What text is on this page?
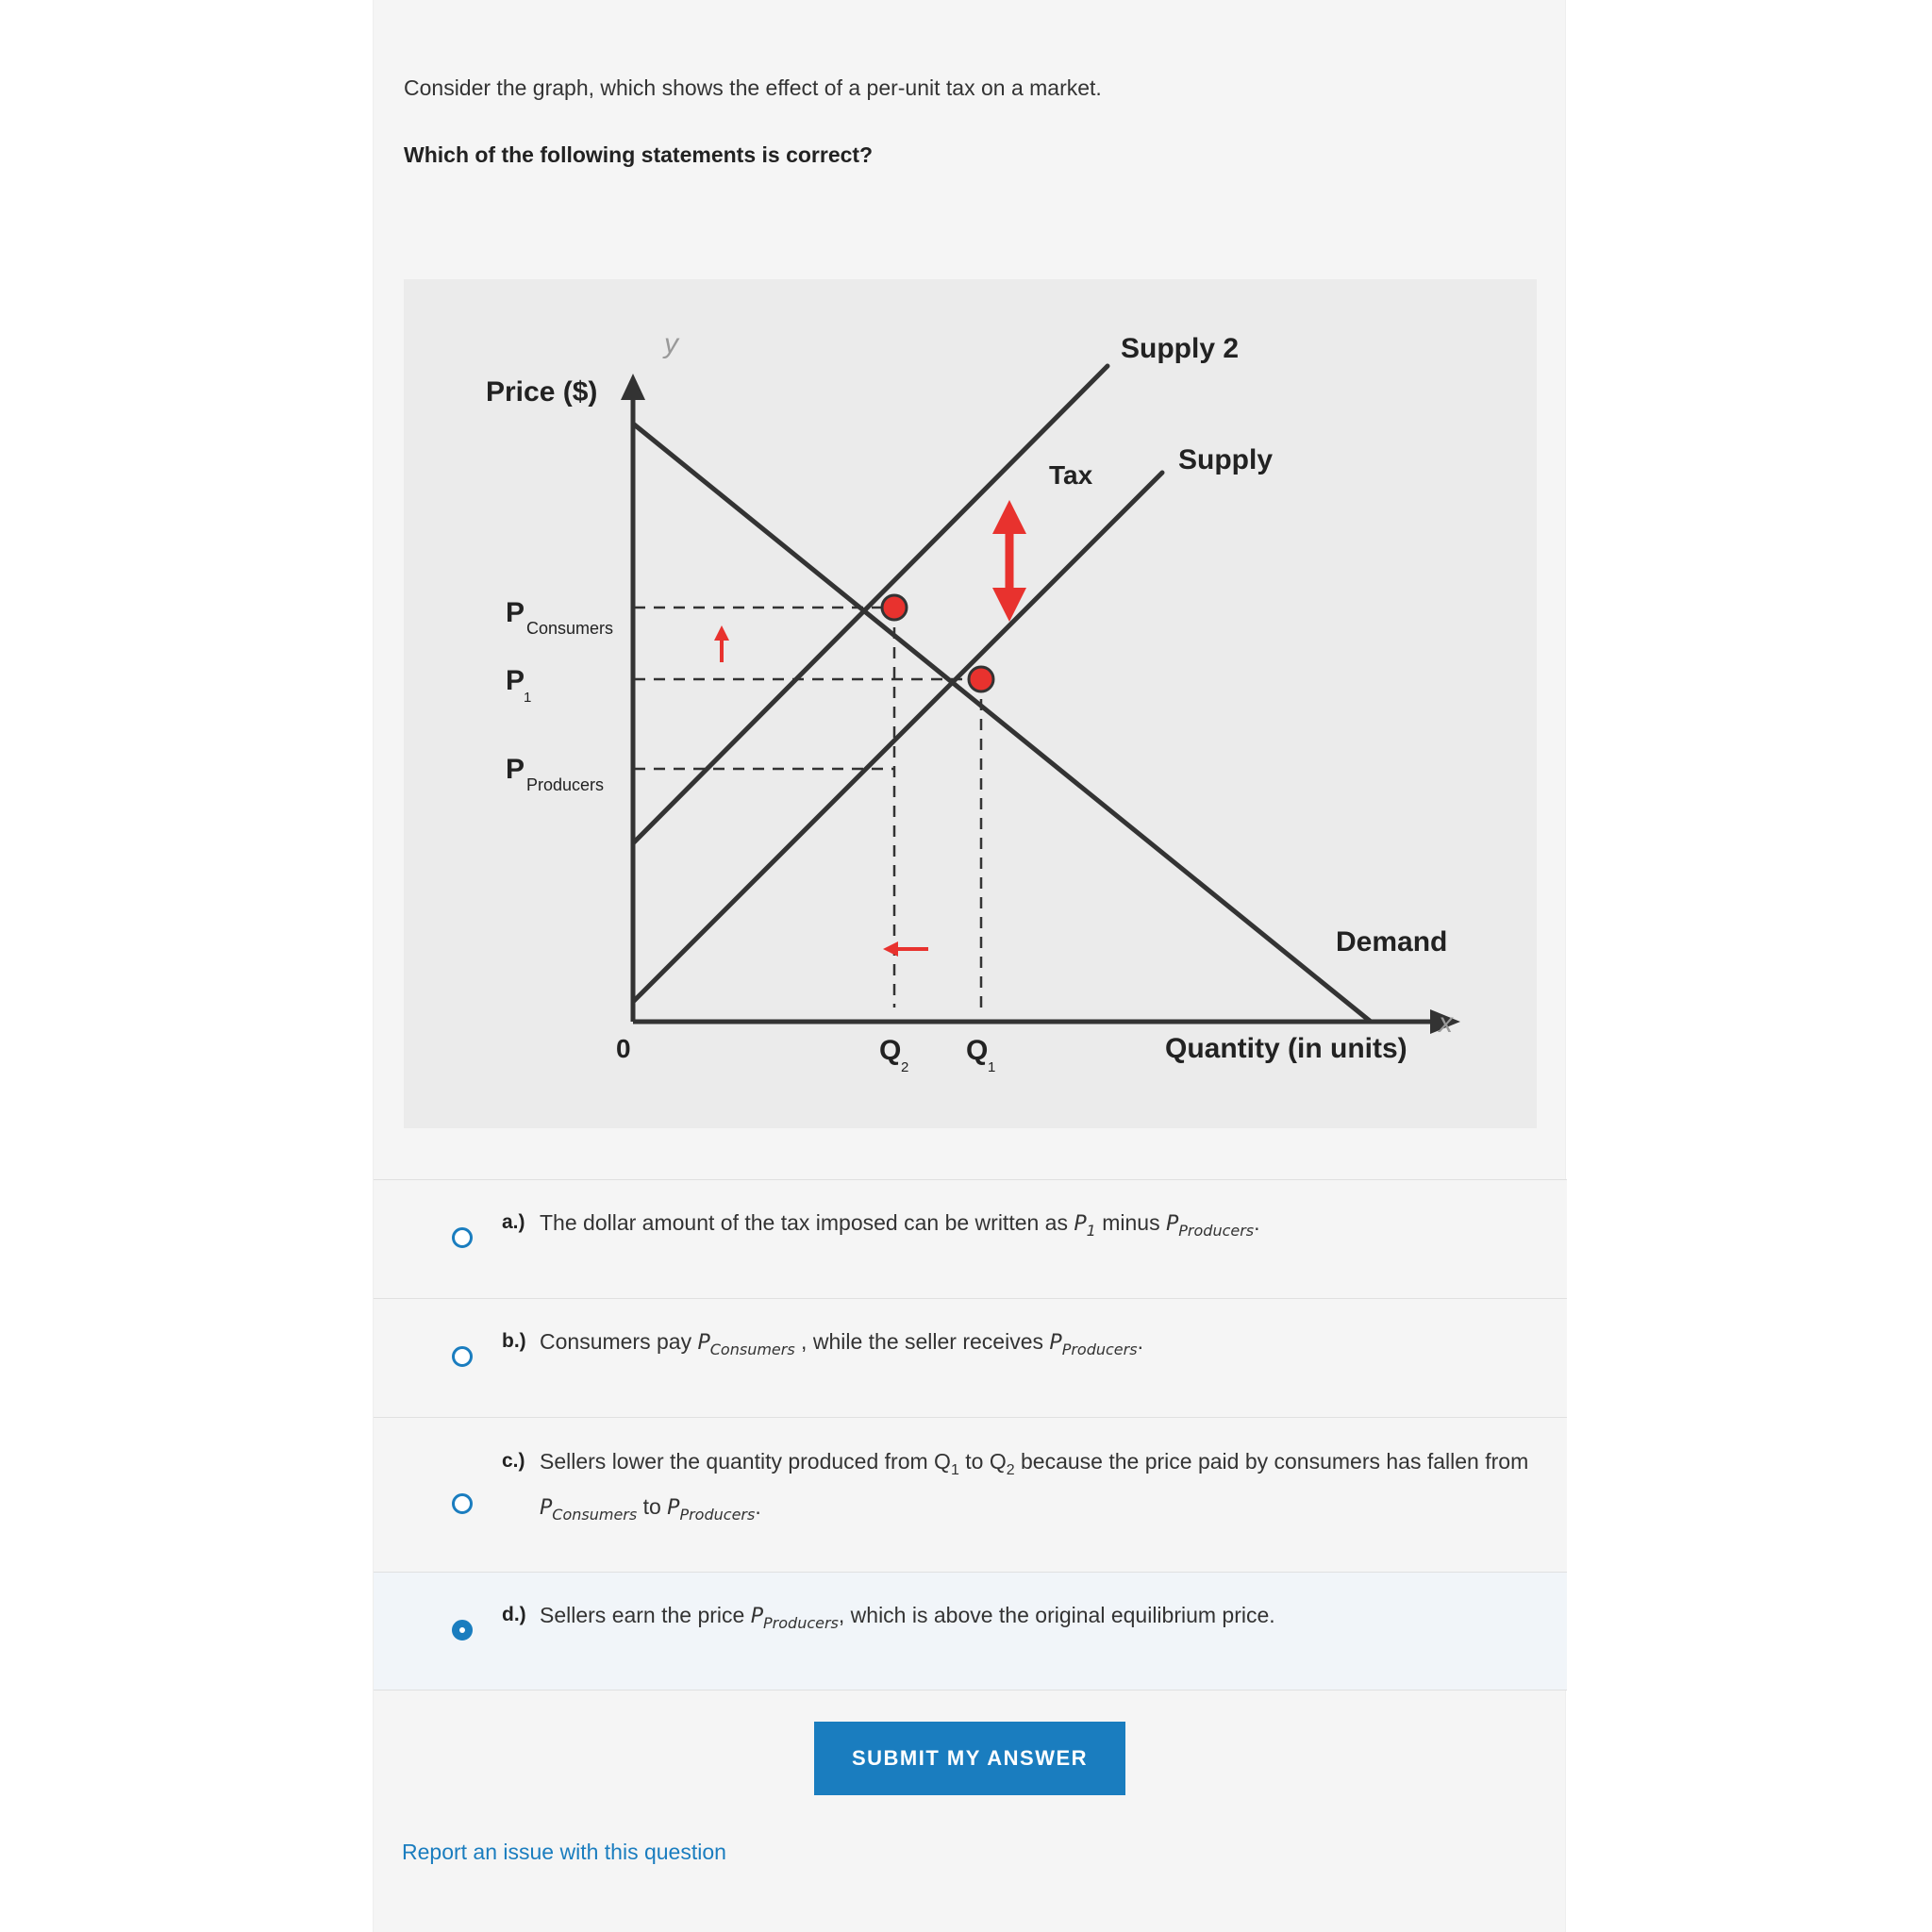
Consider the graph, which shows the effect of a per-unit tax on a market.

Which of the following statements is correct?

y
x
Price ($)
Quantity (in units)
0
P Consumers
P
1
P Producers
Q
2
Q
1
Supply 2
Supply
Tax
Demand
a.) The dollar amount of the tax imposed can be written as $P_1$ minus $P_{Producers}$.
b.) Consumers pay $P_{Consumers}$ , while the seller receives $P_{Producers}$.
c.) Sellers lower the quantity produced from $Q_1$ to $Q_2$ because the price paid by consumers has fallen from $P_{Consumers}$ to $P_{Producers}$.
d.) Sellers earn the price $P_{Producers}$, which is above the original equilibrium price.
SUBMIT MY ANSWER
Report an issue with this question
